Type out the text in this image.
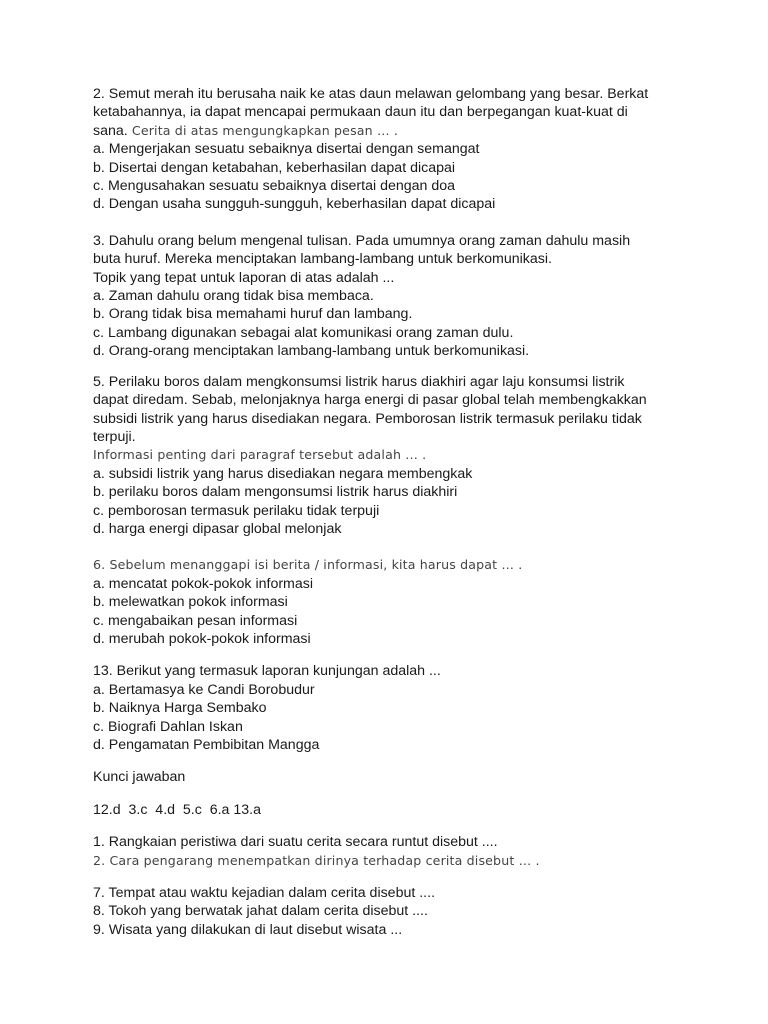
2. Semut merah itu berusaha naik ke atas daun melawan gelombang yang besar. Berkat
ketabahannya, ia dapat mencapai permukaan daun itu dan berpegangan kuat-kuat di
sana. Cerita di atas mengungkapkan pesan … .
a. Mengerjakan sesuatu sebaiknya disertai dengan semangat
b. Disertai dengan ketabahan, keberhasilan dapat dicapai
c. Mengusahakan sesuatu sebaiknya disertai dengan doa
d. Dengan usaha sungguh-sungguh, keberhasilan dapat dicapai
3. Dahulu orang belum mengenal tulisan. Pada umumnya orang zaman dahulu masih
buta huruf. Mereka menciptakan lambang-lambang untuk berkomunikasi.
Topik yang tepat untuk laporan di atas adalah ...
a. Zaman dahulu orang tidak bisa membaca.
b. Orang tidak bisa memahami huruf dan lambang.
c. Lambang digunakan sebagai alat komunikasi orang zaman dulu.
d. Orang-orang menciptakan lambang-lambang untuk berkomunikasi.
5. Perilaku boros dalam mengkonsumsi listrik harus diakhiri agar laju konsumsi listrik
dapat diredam. Sebab, melonjaknya harga energi di pasar global telah membengkakkan
subsidi listrik yang harus disediakan negara. Pemborosan listrik termasuk perilaku tidak
terpuji.
Informasi penting dari paragraf tersebut adalah … .
a. subsidi listrik yang harus disediakan negara membengkak
b. perilaku boros dalam mengonsumsi listrik harus diakhiri
c. pemborosan termasuk perilaku tidak terpuji
d. harga energi dipasar global melonjak
6. Sebelum menanggapi isi berita / informasi, kita harus dapat … .
a. mencatat pokok-pokok informasi
b. melewatkan pokok informasi
c. mengabaikan pesan informasi
d. merubah pokok-pokok informasi
13. Berikut yang termasuk laporan kunjungan adalah ...
a. Bertamasya ke Candi Borobudur
b. Naiknya Harga Sembako
c. Biografi Dahlan Iskan
d. Pengamatan Pembibitan Mangga
Kunci jawaban
12.d  3.c  4.d  5.c  6.a 13.a
1. Rangkaian peristiwa dari suatu cerita secara runtut disebut ....
2. Cara pengarang menempatkan dirinya terhadap cerita disebut … .
7. Tempat atau waktu kejadian dalam cerita disebut ....
8. Tokoh yang berwatak jahat dalam cerita disebut ....
9. Wisata yang dilakukan di laut disebut wisata ...
